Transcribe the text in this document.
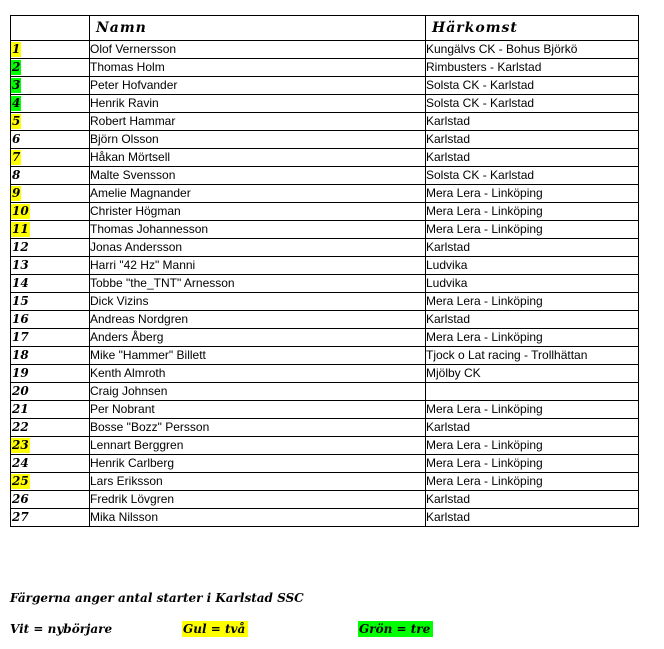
	Namn	Härkomst
1	Olof Vernersson	Kungälvs CK - Bohus Björkö
2	Thomas Holm	Rimbusters - Karlstad
3	Peter Hofvander	Solsta CK - Karlstad
4	Henrik Ravin	Solsta CK - Karlstad
5	Robert Hammar	Karlstad
6	Björn Olsson	Karlstad
7	Håkan Mörtsell	Karlstad
8	Malte Svensson	Solsta CK - Karlstad
9	Amelie Magnander	Mera Lera - Linköping
10	Christer Högman	Mera Lera - Linköping
11	Thomas Johannesson	Mera Lera - Linköping
12	Jonas Andersson	Karlstad
13	Harri "42 Hz" Manni	Ludvika
14	Tobbe "the_TNT" Arnesson	Ludvika
15	Dick Vizins	Mera Lera - Linköping
16	Andreas Nordgren	Karlstad
17	Anders Åberg	Mera Lera - Linköping
18	Mike "Hammer" Billett	Tjock o Lat racing - Trollhättan
19	Kenth Almroth	Mjölby CK
20	Craig Johnsen	
21	Per Nobrant	Mera Lera - Linköping
22	Bosse "Bozz" Persson	Karlstad
23	Lennart Berggren	Mera Lera - Linköping
24	Henrik Carlberg	Mera Lera - Linköping
25	Lars Eriksson	Mera Lera - Linköping
26	Fredrik Lövgren	Karlstad
27	Mika Nilsson	Karlstad
Färgerna anger antal starter i Karlstad SSC
Vit = nybörjare	Gul = två	Grön = tre
